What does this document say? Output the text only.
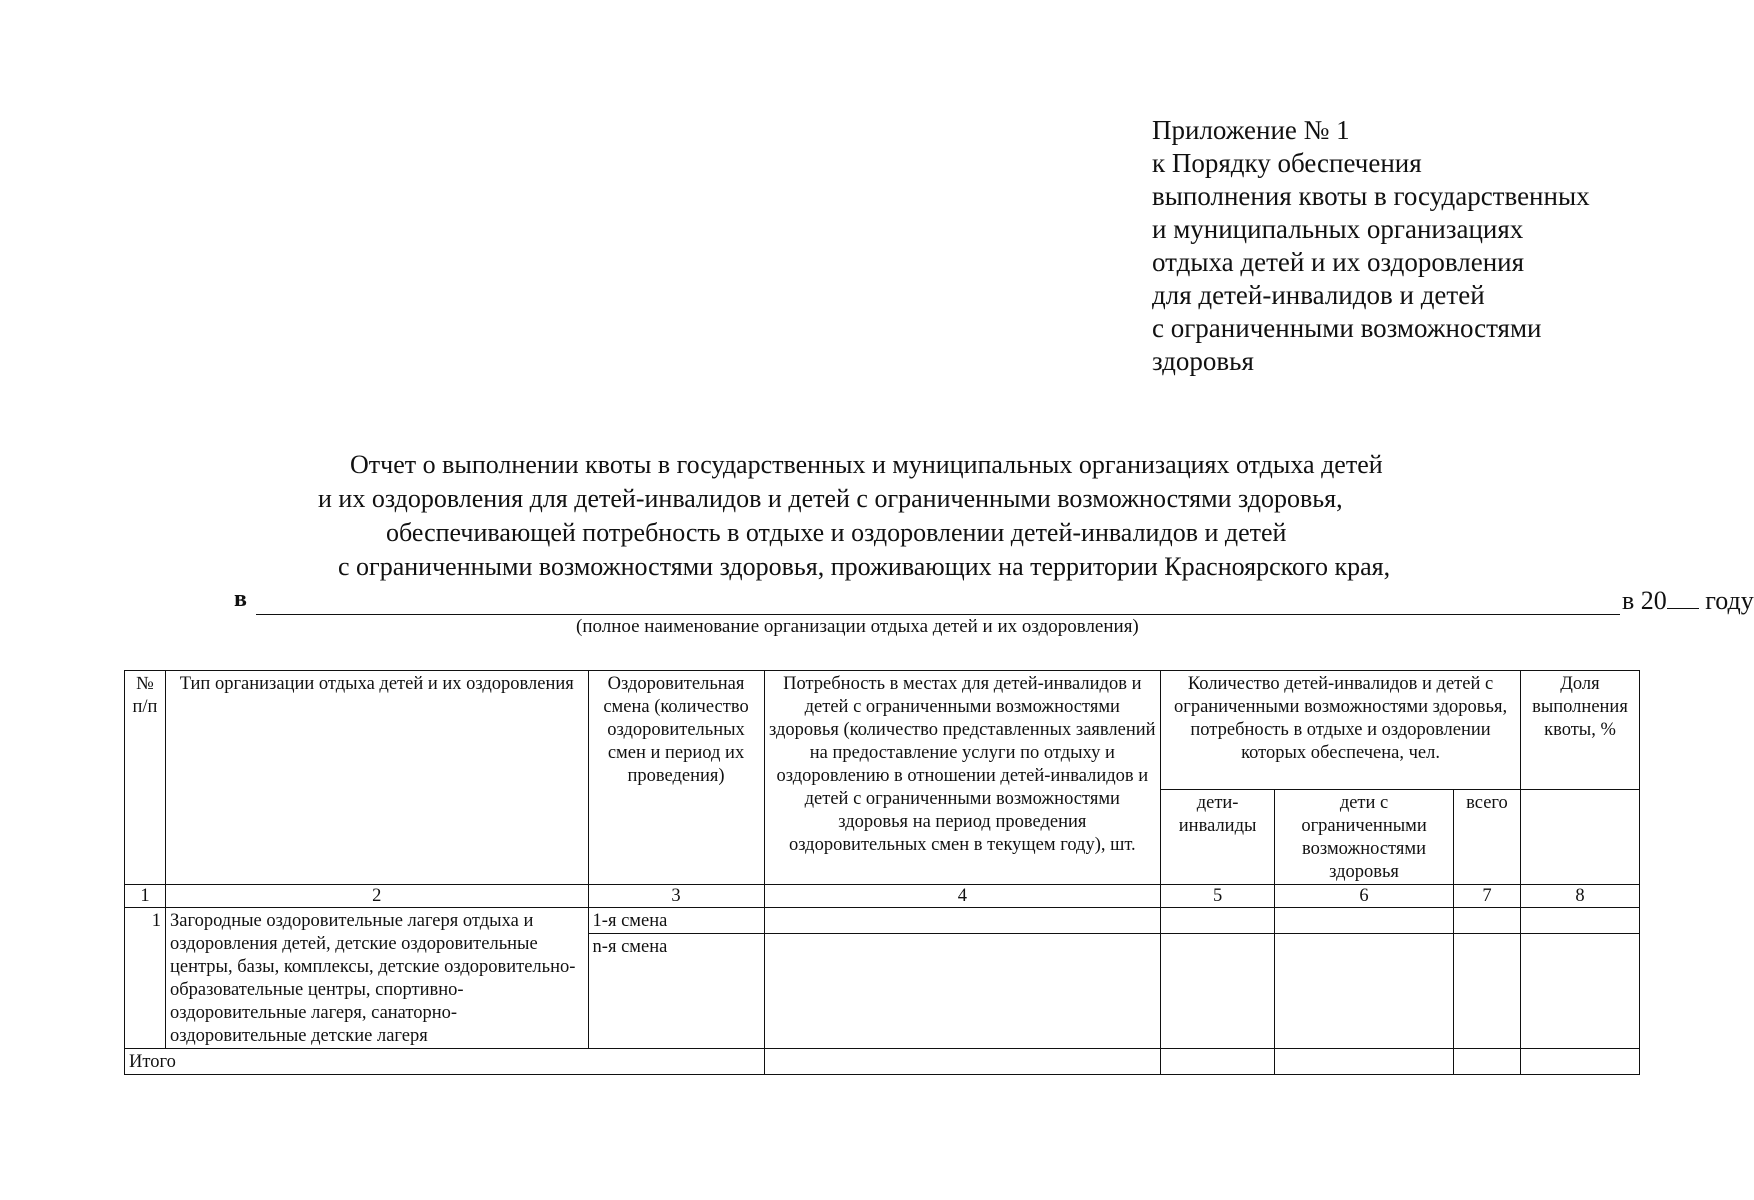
Приложение № 1
к Порядку обеспечения
выполнения квоты в государственных
и муниципальных организациях
отдыха детей и их оздоровления
для детей-инвалидов и детей
с ограниченными возможностями
здоровья
Отчет о выполнении квоты в государственных и муниципальных организациях отдыха детей
и их оздоровления для детей-инвалидов и детей с ограниченными возможностями здоровья,
обеспечивающей потребность в отдыхе и оздоровлении детей-инвалидов и детей
с ограниченными возможностями здоровья, проживающих на территории Красноярского края,
в	в 20 году
(полное наименование организации отдыха детей и их оздоровления)
№ п/п	Тип организации отдыха детей и их оздоровления	Оздоровительная смена (количество оздоровительных смен и период их проведения)	Потребность в местах для детей-инвалидов и детей с ограниченными возможностями здоровья (количество представленных заявлений на предоставление услуги по отдыху и оздоровлению в отношении детей-инвалидов и детей с ограниченными возможностями здоровья на период проведения оздоровительных смен в текущем году), шт.	Количество детей-инвалидов и детей с ограниченными возможностями здоровья, потребность в отдыхе и оздоровлении которых обеспечена, чел.			Доля выполнения квоты, %
				дети-инвалиды	дети с ограниченными возможностями здоровья	всего	
1	2	3	4	5	6	7	8
1	Загородные оздоровительные лагеря отдыха и оздоровления детей, детские оздоровительные центры, базы, комплексы, детские оздоровительно-образовательные центры, спортивно-оздоровительные лагеря, санаторно-оздоровительные детские лагеря	1-я смена					
		n-я смена					
Итого							
